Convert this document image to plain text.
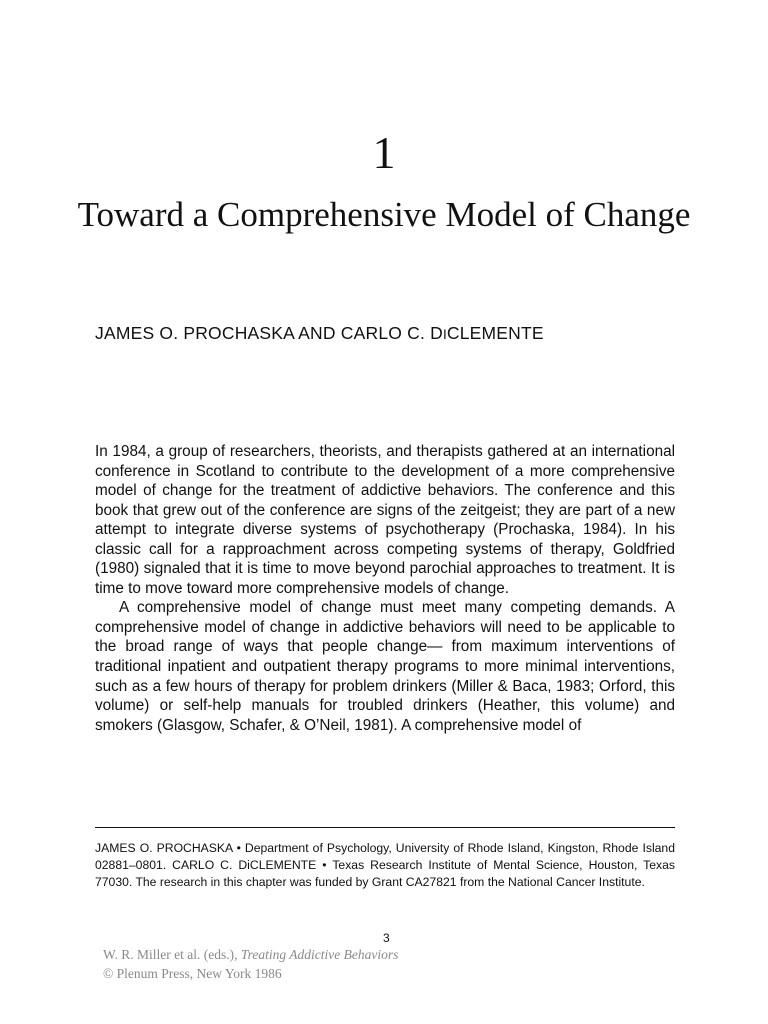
1
Toward a Comprehensive Model of Change
JAMES O. PROCHASKA AND CARLO C. DICLEMENTE

In 1984, a group of researchers, theorists, and therapists gathered at an international conference in Scotland to contribute to the development of a more comprehensive model of change for the treatment of addictive behaviors. The conference and this book that grew out of the conference are signs of the zeitgeist; they are part of a new attempt to integrate diverse systems of psychotherapy (Prochaska, 1984). In his classic call for a rapproachment across competing systems of therapy, Goldfried (1980) signaled that it is time to move beyond parochial approaches to treatment. It is time to move toward more comprehensive models of change.

A comprehensive model of change must meet many competing demands. A comprehensive model of change in addictive behaviors will need to be applicable to the broad range of ways that people change— from maximum interventions of traditional inpatient and outpatient therapy programs to more minimal interventions, such as a few hours of therapy for problem drinkers (Miller & Baca, 1983; Orford, this volume) or self-help manuals for troubled drinkers (Heather, this volume) and smokers (Glasgow, Schafer, & O’Neil, 1981). A comprehensive model of

JAMES O. PROCHASKA • Department of Psychology, University of Rhode Island, Kingston, Rhode Island 02881–0801. CARLO C. DiCLEMENTE • Texas Research Institute of Mental Science, Houston, Texas 77030. The research in this chapter was funded by Grant CA27821 from the National Cancer Institute.
3
W. R. Miller et al. (eds.), Treating Addictive Behaviors
© Plenum Press, New York 1986
